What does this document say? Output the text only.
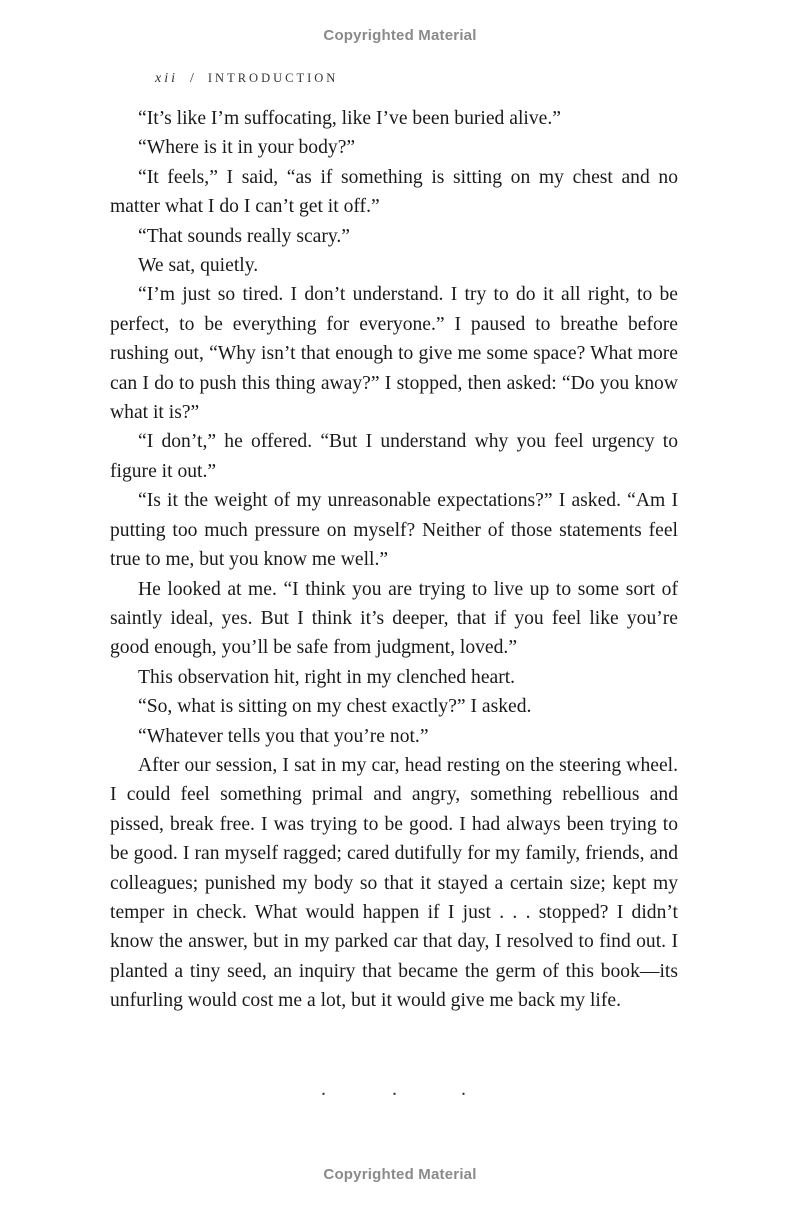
Copyrighted Material
xii / INTRODUCTION

“It’s like I’m suffocating, like I’ve been buried alive.”

“Where is it in your body?”

“It feels,” I said, “as if something is sitting on my chest and no matter what I do I can’t get it off.”

“That sounds really scary.”

We sat, quietly.

“I’m just so tired. I don’t understand. I try to do it all right, to be perfect, to be everything for everyone.” I paused to breathe before rushing out, “Why isn’t that enough to give me some space? What more can I do to push this thing away?” I stopped, then asked: “Do you know what it is?”

“I don’t,” he offered. “But I understand why you feel urgency to figure it out.”

“Is it the weight of my unreasonable expectations?” I asked. “Am I putting too much pressure on myself? Neither of those statements feel true to me, but you know me well.”

He looked at me. “I think you are trying to live up to some sort of saintly ideal, yes. But I think it’s deeper, that if you feel like you’re good enough, you’ll be safe from judgment, loved.”

This observation hit, right in my clenched heart.

“So, what is sitting on my chest exactly?” I asked.

“Whatever tells you that you’re not.”

After our session, I sat in my car, head resting on the steering wheel. I could feel something primal and angry, something rebellious and pissed, break free. I was trying to be good. I had always been trying to be good. I ran myself ragged; cared dutifully for my family, friends, and colleagues; punished my body so that it stayed a certain size; kept my temper in check. What would happen if I just . . . stopped? I didn’t know the answer, but in my parked car that day, I resolved to find out. I planted a tiny seed, an inquiry that became the germ of this book—its unfurling would cost me a lot, but it would give me back my life.

.	.	.
Copyrighted Material
